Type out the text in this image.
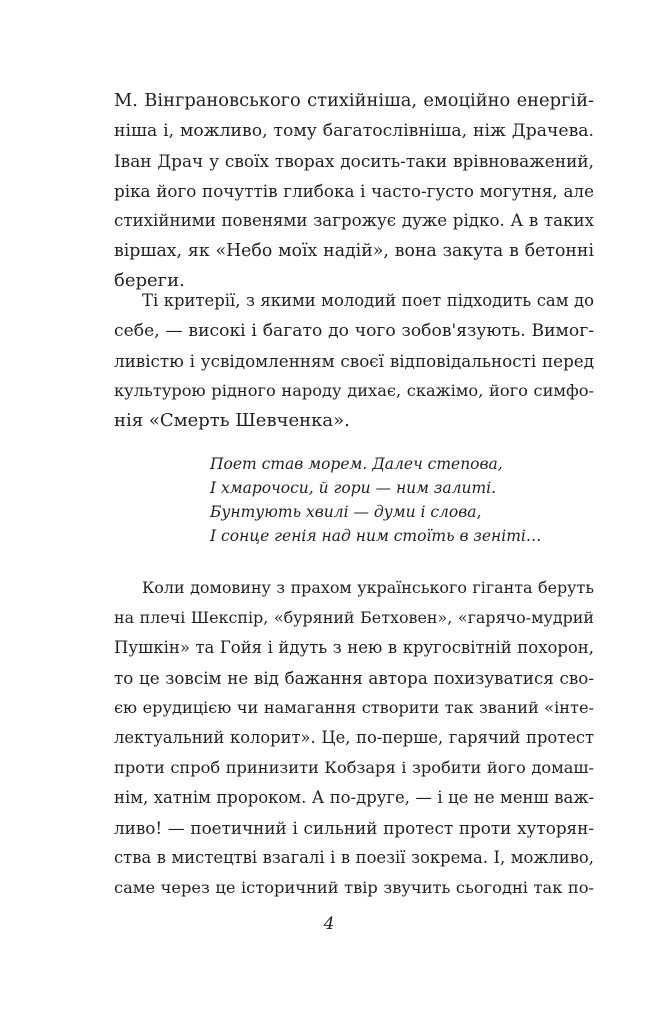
М. Вінграновського стихійніша, емоційно енергій-
ніша і, можливо, тому багатослівніша, ніж Драчева.
Іван Драч у своїх творах досить-таки врівноважений,
ріка його почуттів глибока і часто-густо могутня, але
стихійними повенями загрожує дуже рідко. А в таких
віршах, як «Небо моїх надій», вона закута в бетонні
береги.
Ті критерії, з якими молодий поет підходить сам до
себе, — високі і багато до чого зобов'язують. Вимог-
ливістю і усвідомленням своєї відповідальності перед
культурою рідного народу дихає, скажімо, його симфо-
нія «Смерть Шевченка».
Поет став морем. Далеч степова,
І хмарочоси, й гори — ним залиті.
Бунтують хвилі — думи і слова,
І сонце генія над ним стоїть в зеніті…
Коли домовину з прахом українського гіганта беруть
на плечі Шекспір, «буряний Бетховен», «гарячо-мудрий
Пушкін» та Гойя і йдуть з нею в кругосвітній похорон,
то це зовсім не від бажання автора похизуватися сво-
єю ерудицією чи намагання створити так званий «інте-
лектуальний колорит». Це, по-перше, гарячий протест
проти спроб принизити Кобзаря і зробити його домаш-
нім, хатнім пророком. А по-друге, — і це не менш важ-
ливо! — поетичний і сильний протест проти хуторян-
ства в мистецтві взагалі і в поезії зокрема. І, можливо,
саме через це історичний твір звучить сьогодні так по-
4
